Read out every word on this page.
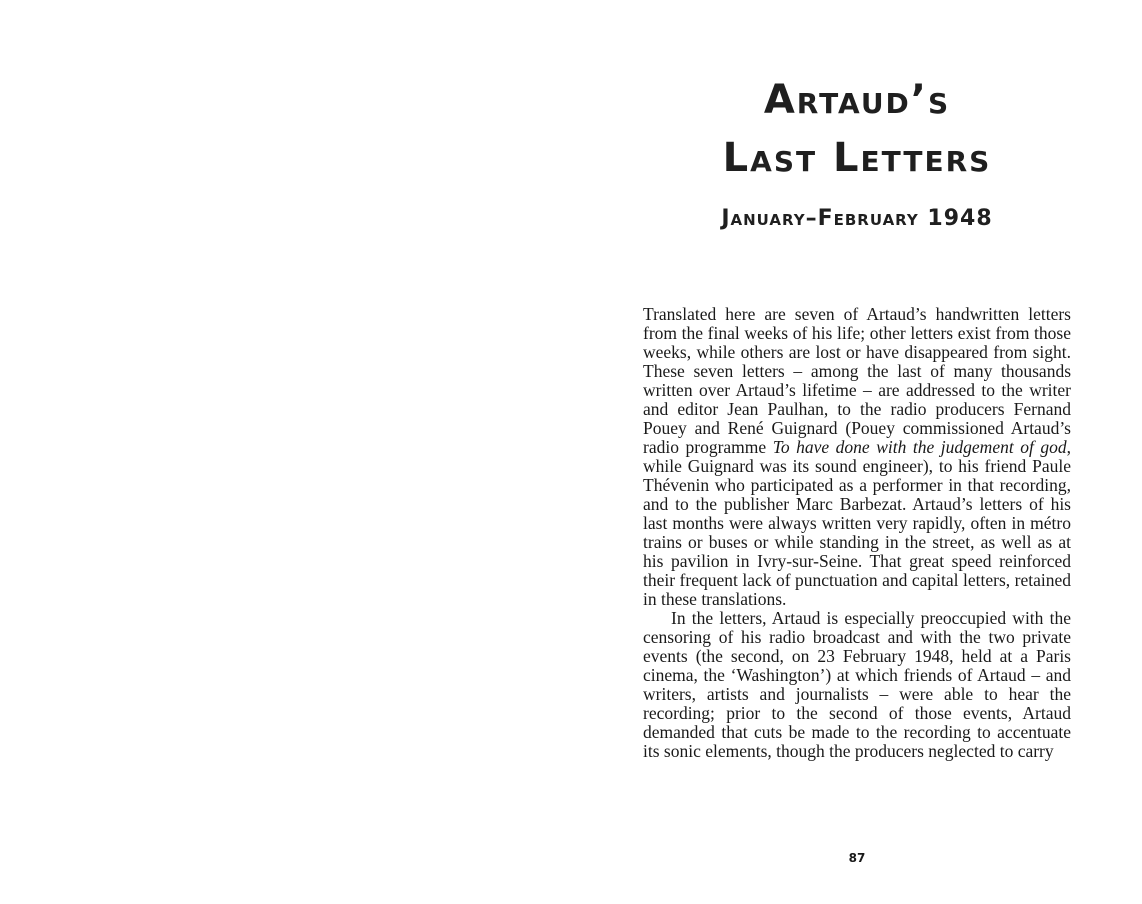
Artaud’s
Last Letters
January–February 1948

Translated here are seven of Artaud’s handwritten letters from the final weeks of his life; other letters exist from those weeks, while others are lost or have disappeared from sight. These seven letters – among the last of many thousands written over Artaud’s lifetime – are addressed to the writer and editor Jean Paulhan, to the radio producers Fernand Pouey and René Guignard (Pouey commissioned Artaud’s radio programme To have done with the judgement of god, while Guignard was its sound engineer), to his friend Paule Thévenin who participated as a performer in that recording, and to the publisher Marc Barbezat. Artaud’s letters of his last months were always written very rapidly, often in métro trains or buses or while standing in the street, as well as at his pavilion in Ivry-sur-Seine. That great speed reinforced their frequent lack of punctuation and capital letters, retained in these translations.

In the letters, Artaud is especially preoccupied with the censoring of his radio broadcast and with the two private events (the second, on 23 February 1948, held at a Paris cinema, the ‘Washington’) at which friends of Artaud – and writers, artists and journalists – were able to hear the recording; prior to the second of those events, Artaud demanded that cuts be made to the recording to accentuate its sonic elements, though the producers neglected to carry

87
